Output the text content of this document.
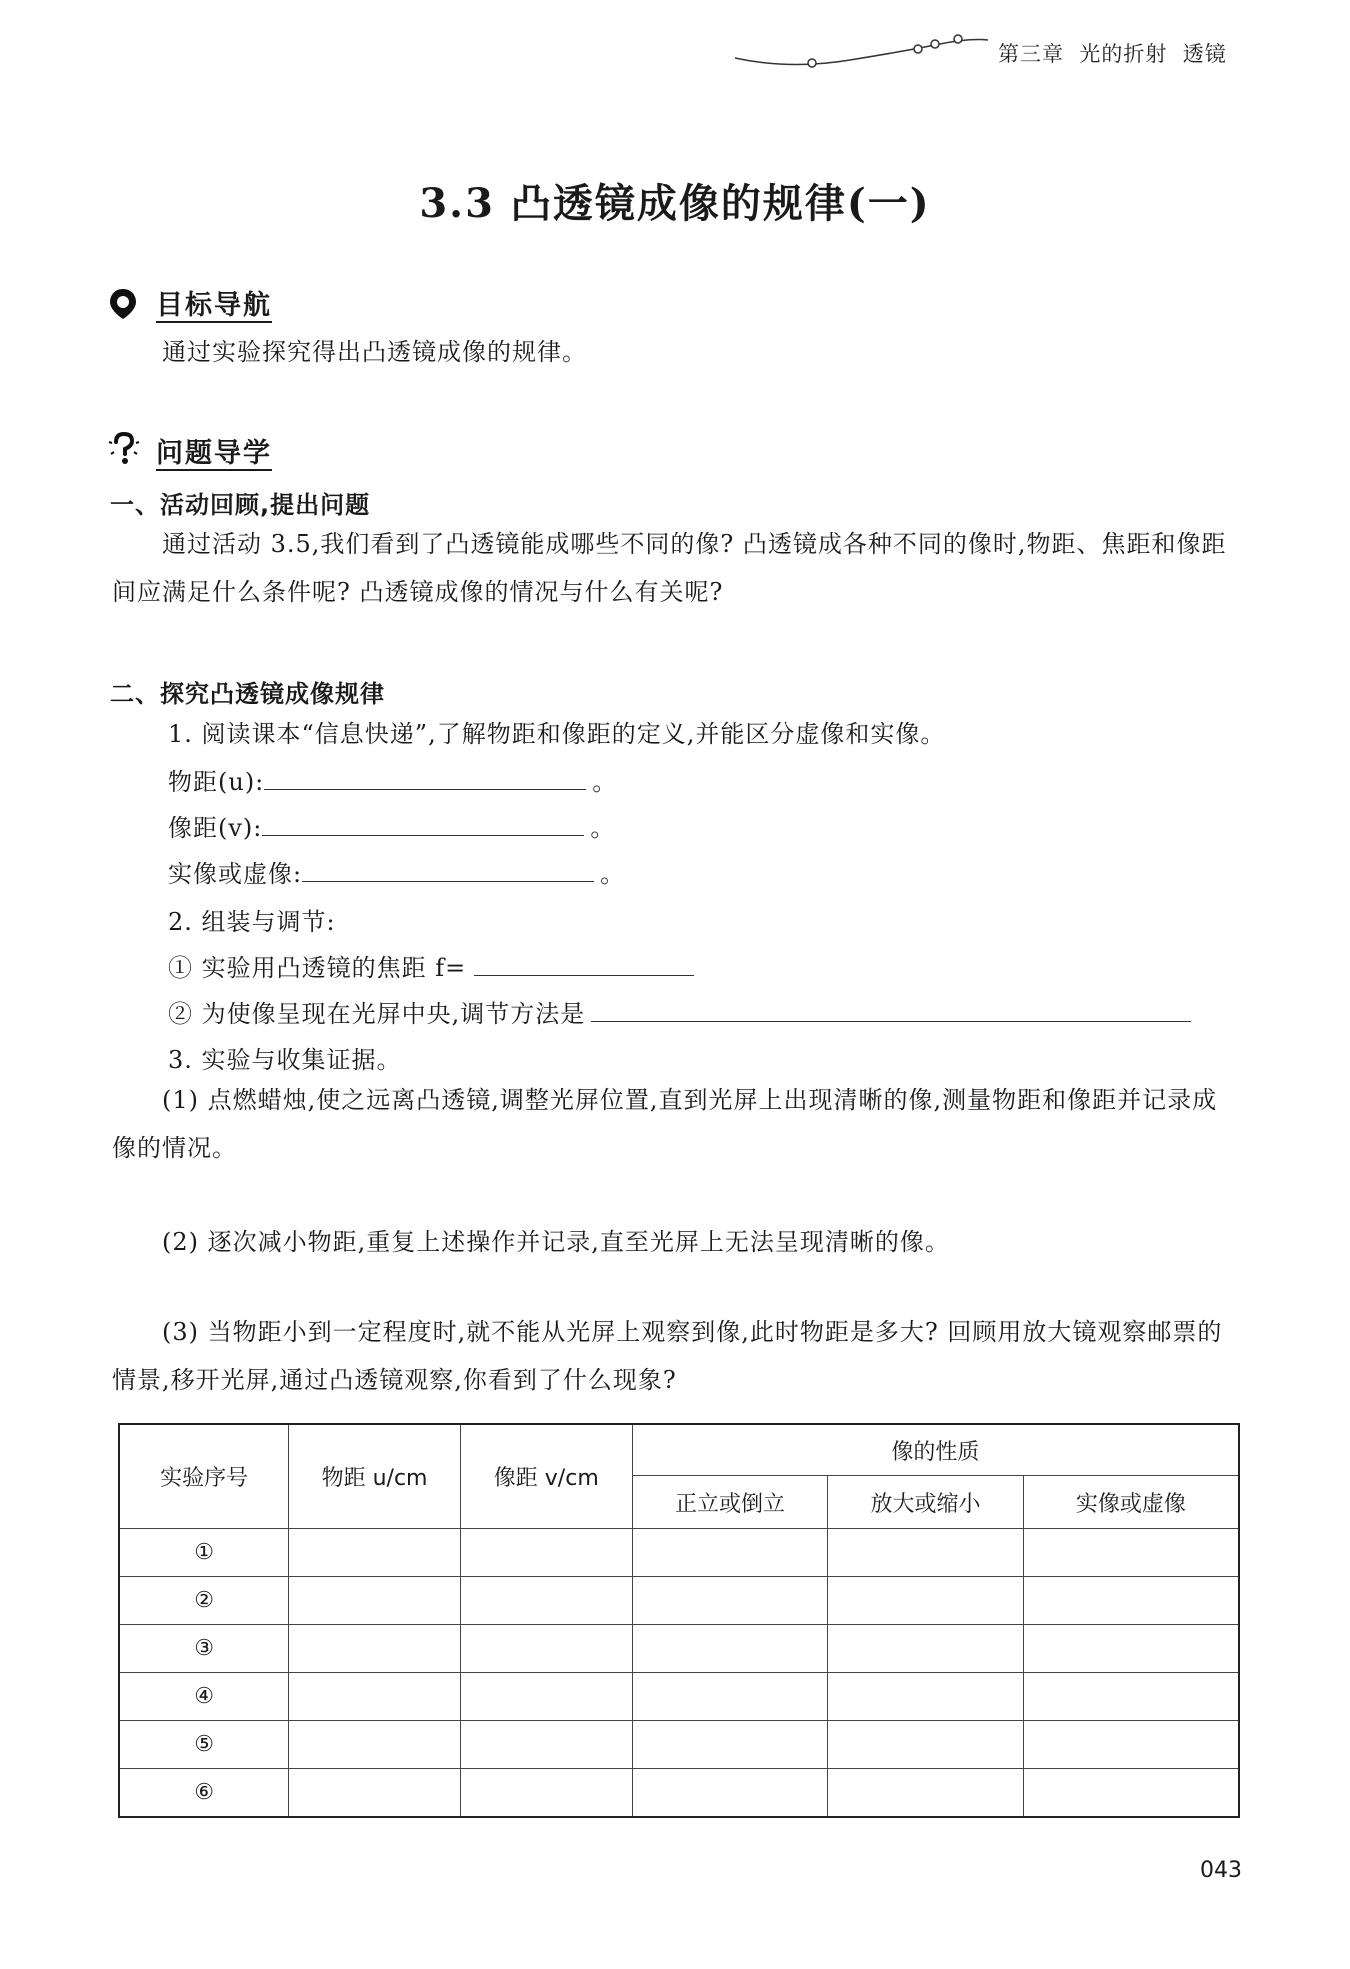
第三章  光的折射  透镜
3.3 凸透镜成像的规律(一)
目标导航
通过实验探究得出凸透镜成像的规律。
问题导学
一、活动回顾,提出问题
通过活动 3.5,我们看到了凸透镜能成哪些不同的像? 凸透镜成各种不同的像时,物距、焦距和像距间应满足什么条件呢? 凸透镜成像的情况与什么有关呢?
二、探究凸透镜成像规律
1. 阅读课本“信息快递”,了解物距和像距的定义,并能区分虚像和实像。
物距(u):	。
像距(v):	。
实像或虚像:	。
2. 组装与调节:
① 实验用凸透镜的焦距 f=
② 为使像呈现在光屏中央,调节方法是
3. 实验与收集证据。
(1) 点燃蜡烛,使之远离凸透镜,调整光屏位置,直到光屏上出现清晰的像,测量物距和像距并记录成像的情况。
(2) 逐次减小物距,重复上述操作并记录,直至光屏上无法呈现清晰的像。
(3) 当物距小到一定程度时,就不能从光屏上观察到像,此时物距是多大? 回顾用放大镜观察邮票的情景,移开光屏,通过凸透镜观察,你看到了什么现象?
实验序号	物距 u/cm	像距 v/cm	像的性质		
			正立或倒立	放大或缩小	实像或虚像
①					
②					
③					
④					
⑤					
⑥					
043
